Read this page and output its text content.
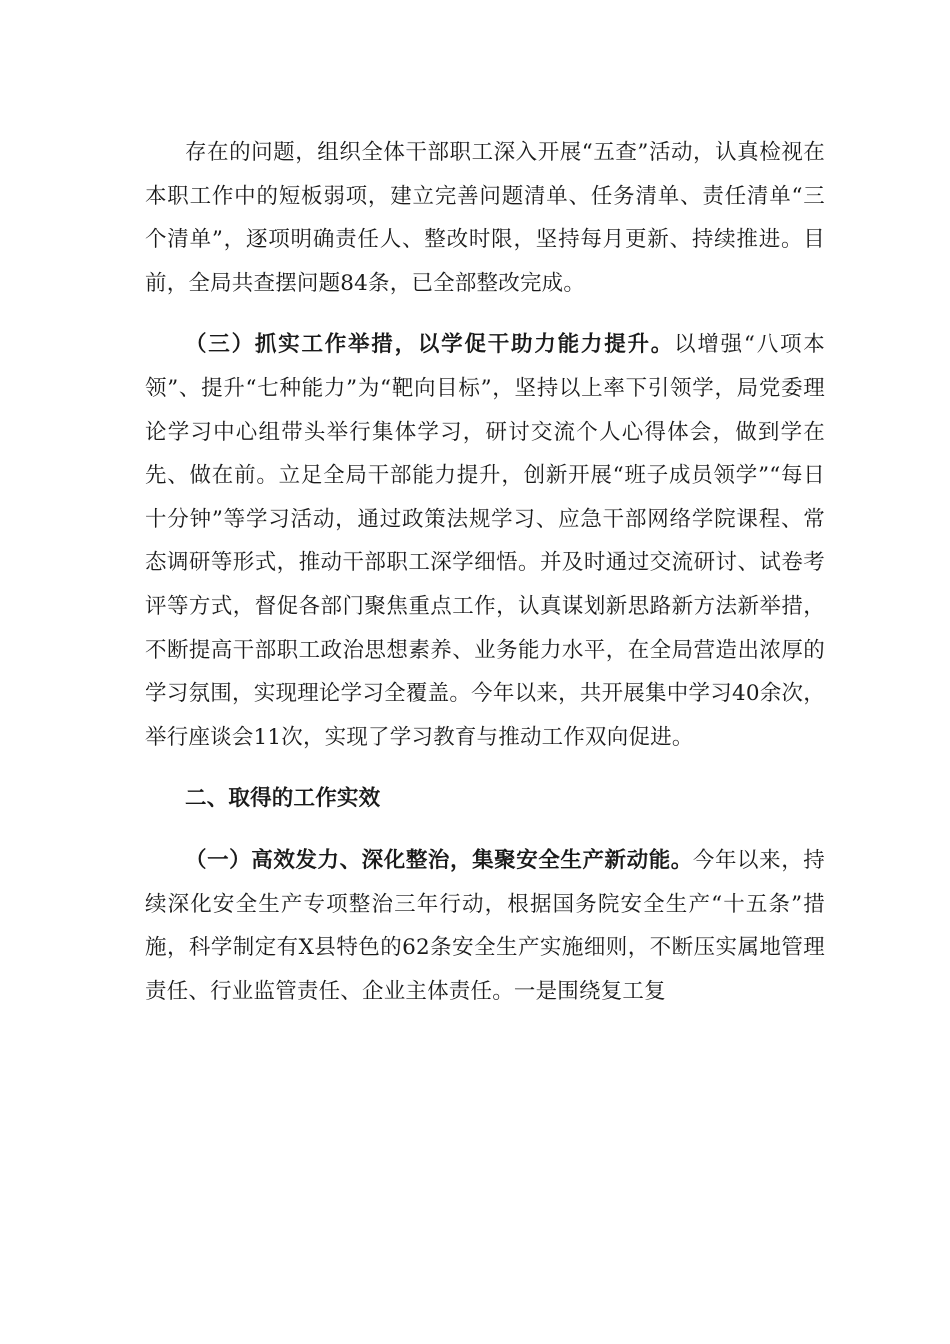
存在的问题，组织全体干部职工深入开展“五查”活动，认真检视在本职工作中的短板弱项，建立完善问题清单、任务清单、责任清单“三个清单”，逐项明确责任人、整改时限，坚持每月更新、持续推进。目前，全局共查摆问题84条，已全部整改完成。

（三）抓实工作举措，以学促干助力能力提升。以增强“八项本领”、提升“七种能力”为“靶向目标”，坚持以上率下引领学，局党委理论学习中心组带头举行集体学习，研讨交流个人心得体会，做到学在先、做在前。立足全局干部能力提升，创新开展“班子成员领学”“每日十分钟”等学习活动，通过政策法规学习、应急干部网络学院课程、常态调研等形式，推动干部职工深学细悟。并及时通过交流研讨、试卷考评等方式，督促各部门聚焦重点工作，认真谋划新思路新方法新举措，不断提高干部职工政治思想素养、业务能力水平，在全局营造出浓厚的学习氛围，实现理论学习全覆盖。今年以来，共开展集中学习40余次，举行座谈会11次，实现了学习教育与推动工作双向促进。

二、取得的工作实效

（一）高效发力、深化整治，集聚安全生产新动能。今年以来，持续深化安全生产专项整治三年行动，根据国务院安全生产“十五条”措施，科学制定有X县特色的62条安全生产实施细则，不断压实属地管理责任、行业监管责任、企业主体责任。一是围绕复工复
